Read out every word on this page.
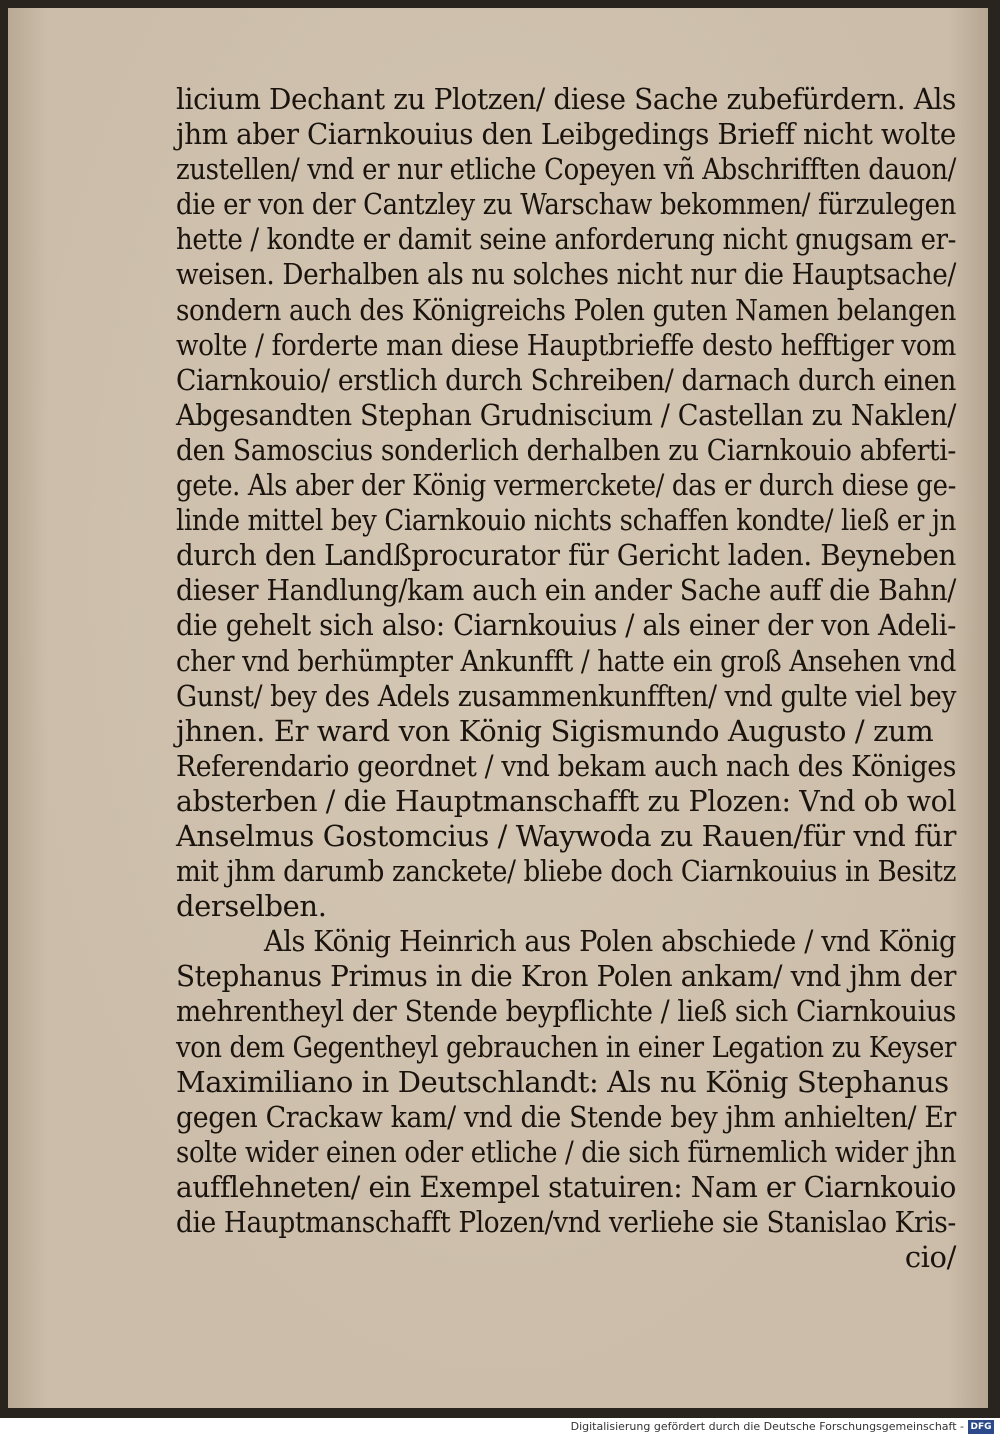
licium Dechant zu Plotzen/ diese Sache zubefürdern. Als
jhm aber Ciarnkouius den Leibgedings Brieff nicht wolte
zustellen/ vnd er nur etliche Copeyen vñ Abschrifften dauon/
die er von der Cantzley zu Warschaw bekommen/ fürzulegen
hette / kondte er damit seine anforderung nicht gnugsam er-
weisen. Derhalben als nu solches nicht nur die Hauptsache/
sondern auch des Königreichs Polen guten Namen belangen
wolte / forderte man diese Hauptbrieffe desto hefftiger vom
Ciarnkouio/ erstlich durch Schreiben/ darnach durch einen
Abgesandten Stephan Grudniscium / Castellan zu Naklen/
den Samoscius sonderlich derhalben zu Ciarnkouio abferti-
gete. Als aber der König vermerckete/ das er durch diese ge-
linde mittel bey Ciarnkouio nichts schaffen kondte/ ließ er jn
durch den Landßprocurator für Gericht laden. Beyneben
dieser Handlung/kam auch ein ander Sache auff die Bahn/
die gehelt sich also: Ciarnkouius / als einer der von Adeli-
cher vnd berhümpter Ankunfft / hatte ein groß Ansehen vnd
Gunst/ bey des Adels zusammenkunfften/ vnd gulte viel bey
jhnen. Er ward von König Sigismundo Augusto / zum
Referendario geordnet / vnd bekam auch nach des Königes
absterben / die Hauptmanschafft zu Plozen: Vnd ob wol
Anselmus Gostomcius / Waywoda zu Rauen/für vnd für
mit jhm darumb zanckete/ bliebe doch Ciarnkouius in Besitz
derselben.
Als König Heinrich aus Polen abschiede / vnd König
Stephanus Primus in die Kron Polen ankam/ vnd jhm der
mehrentheyl der Stende beypflichte / ließ sich Ciarnkouius
von dem Gegentheyl gebrauchen in einer Legation zu Keyser
Maximiliano in Deutschlandt: Als nu König Stephanus
gegen Crackaw kam/ vnd die Stende bey jhm anhielten/ Er
solte wider einen oder etliche / die sich fürnemlich wider jhn
aufflehneten/ ein Exempel statuiren: Nam er Ciarnkouio
die Hauptmanschafft Plozen/vnd verliehe sie Stanislao Kris-
cio/
Digitalisierung gefördert durch die Deutsche Forschungsgemeinschaft - DFG
